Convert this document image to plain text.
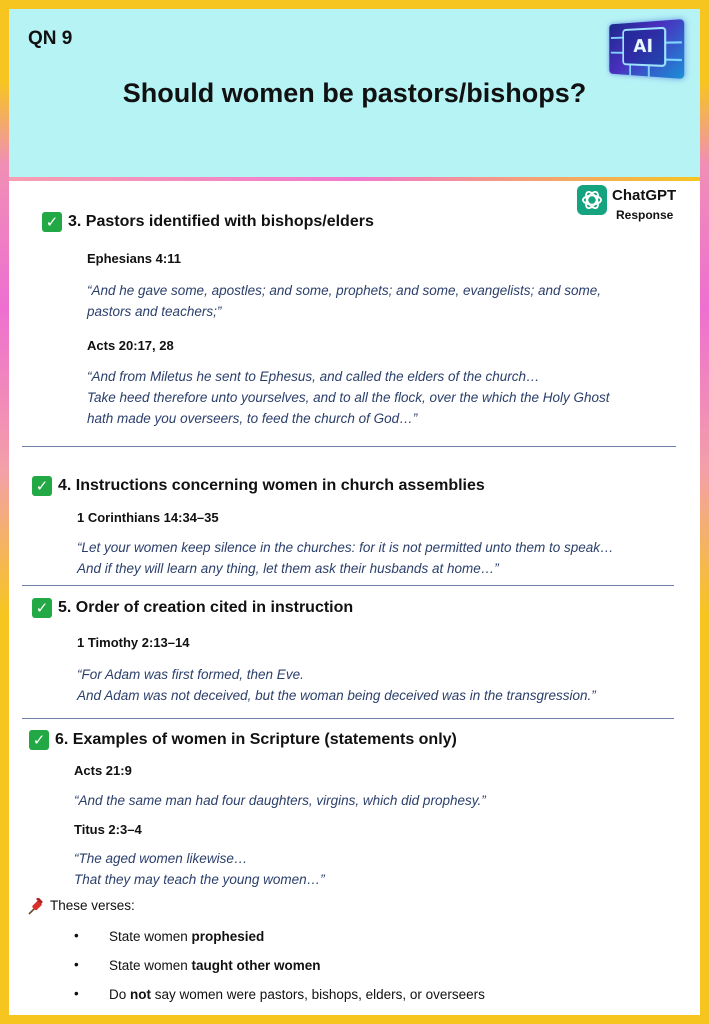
QN 9
Should women be pastors/bishops?
AI
ChatGPT
Response
✓ 3. Pastors identified with bishops/elders
Ephesians 4:11
“And he gave some, apostles; and some, prophets; and some, evangelists; and some,
pastors and teachers;”
Acts 20:17, 28
“And from Miletus he sent to Ephesus, and called the elders of the church…
Take heed therefore unto yourselves, and to all the flock, over the which the Holy Ghost
hath made you overseers, to feed the church of God…”
✓ 4. Instructions concerning women in church assemblies
1 Corinthians 14:34–35
“Let your women keep silence in the churches: for it is not permitted unto them to speak…
And if they will learn any thing, let them ask their husbands at home…”
✓ 5. Order of creation cited in instruction
1 Timothy 2:13–14
“For Adam was first formed, then Eve.
And Adam was not deceived, but the woman being deceived was in the transgression.”
✓ 6. Examples of women in Scripture (statements only)
Acts 21:9
“And the same man had four daughters, virgins, which did prophesy.”
Titus 2:3–4
“The aged women likewise…
That they may teach the young women…”
These verses:
• State women prophesied
• State women taught other women
• Do not say women were pastors, bishops, elders, or overseers
